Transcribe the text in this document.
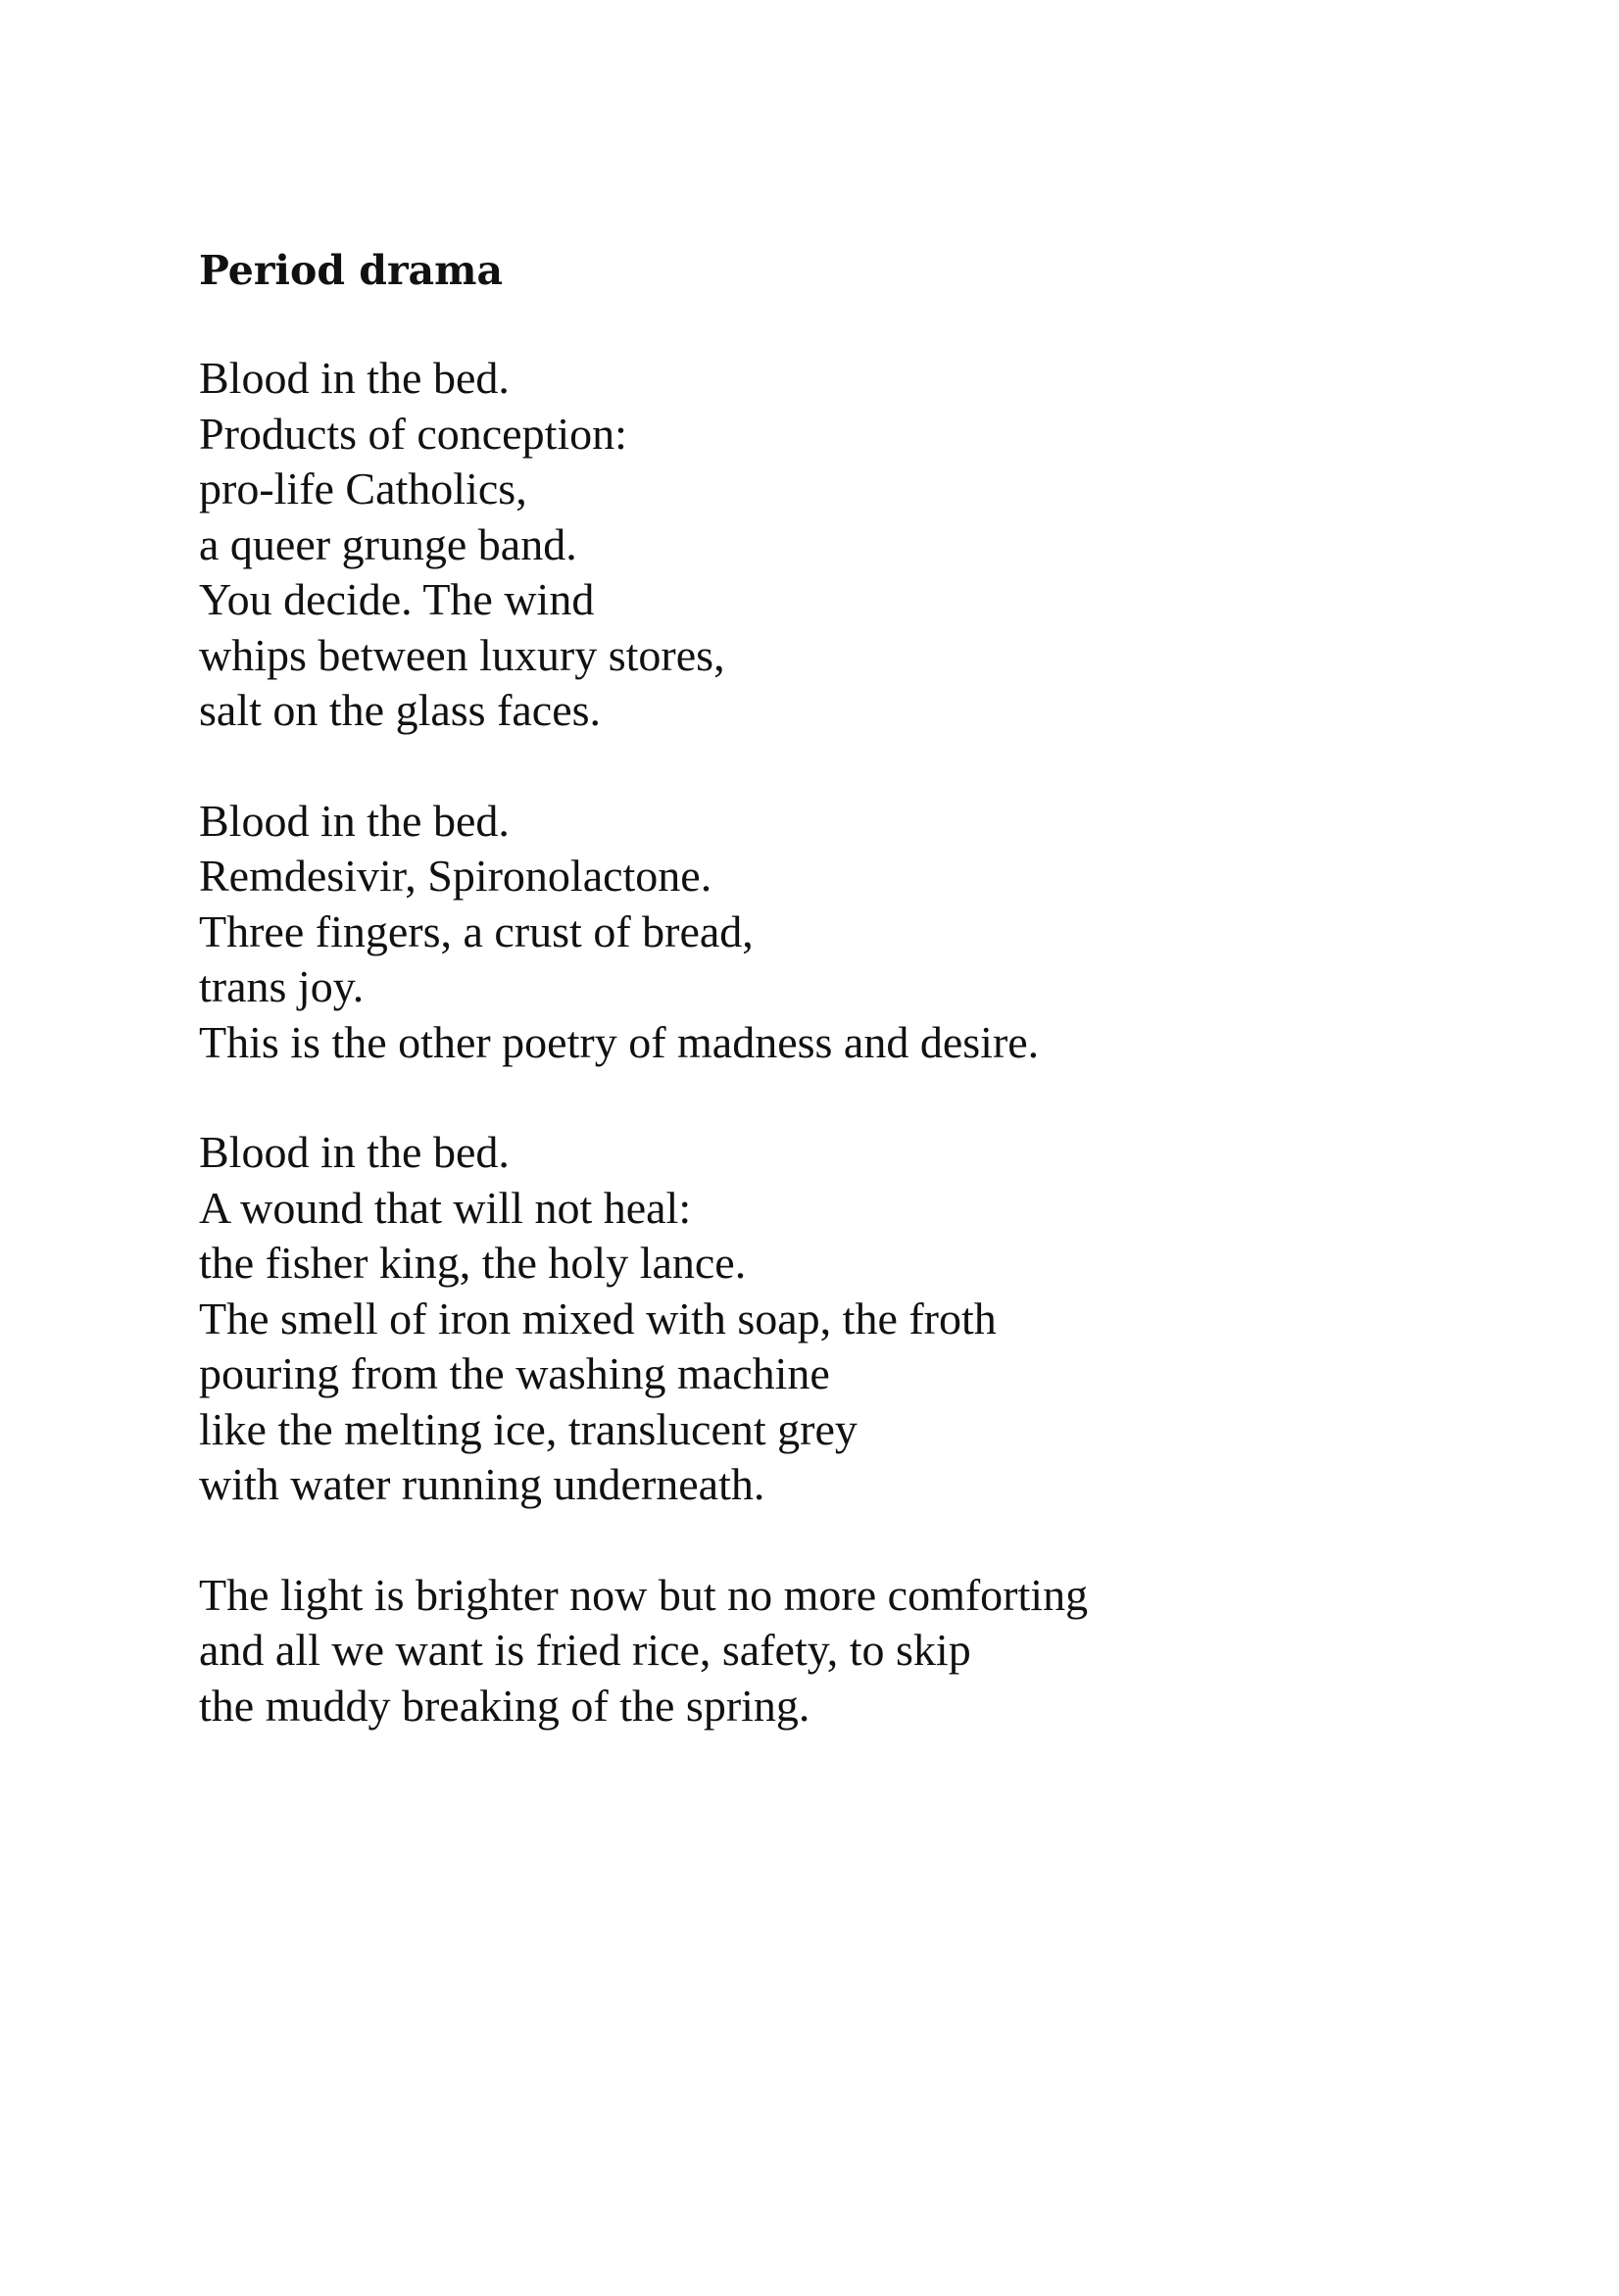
Period drama
Blood in the bed.
Products of conception:
pro-life Catholics,
a queer grunge band.
You decide. The wind
whips between luxury stores,
salt on the glass faces.
Blood in the bed.
Remdesivir, Spironolactone.
Three fingers, a crust of bread,
trans joy.
This is the other poetry of madness and desire.
Blood in the bed.
A wound that will not heal:
the fisher king, the holy lance.
The smell of iron mixed with soap, the froth
pouring from the washing machine
like the melting ice, translucent grey
with water running underneath.
The light is brighter now but no more comforting
and all we want is fried rice, safety, to skip
the muddy breaking of the spring.
